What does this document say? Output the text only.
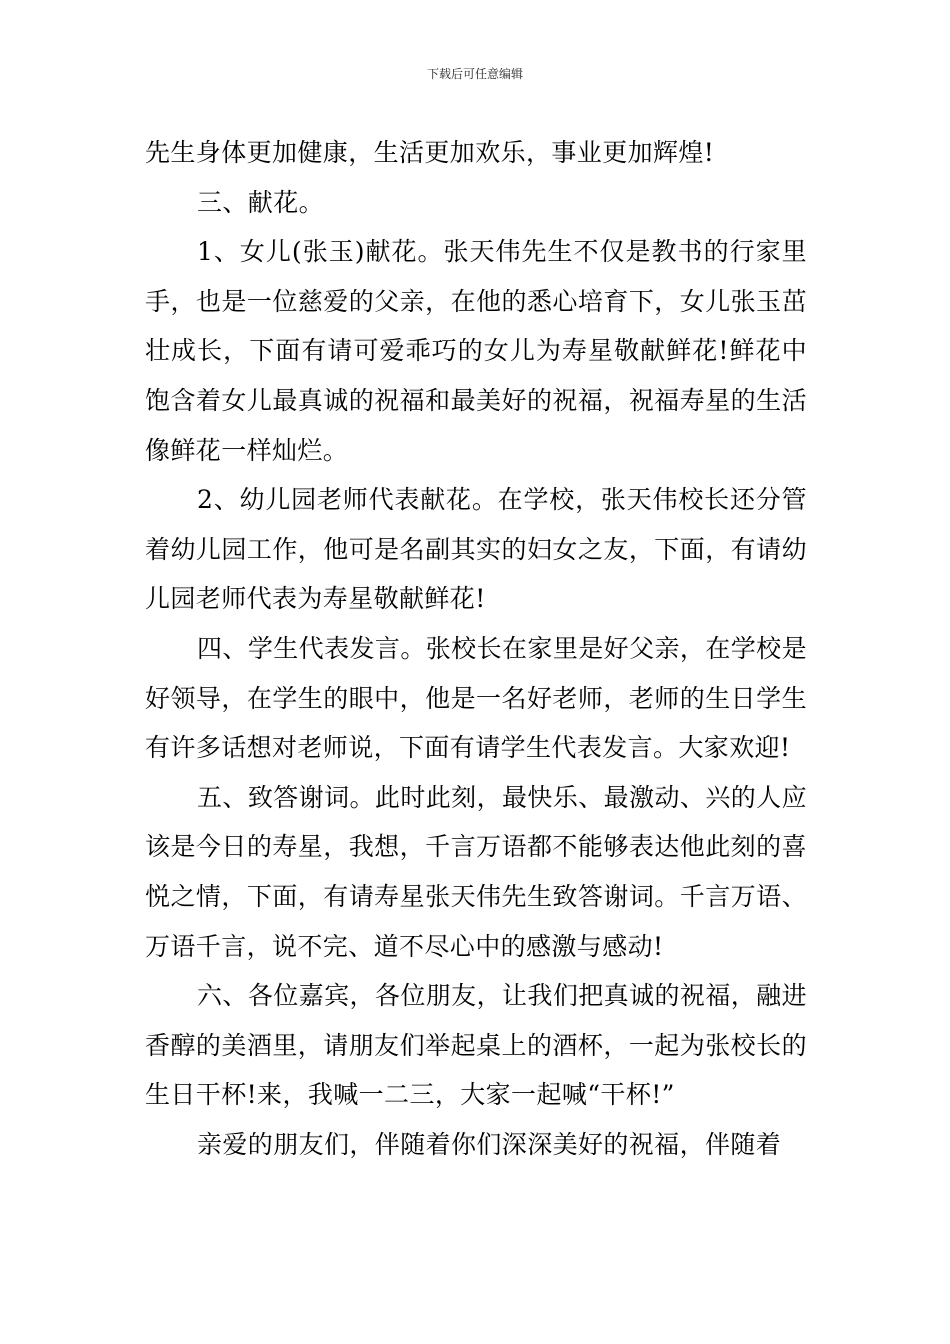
下载后可任意编辑

先生身体更加健康，生活更加欢乐，事业更加辉煌!

三、献花。

1、女儿(张玉)献花。张天伟先生不仅是教书的行家里手，也是一位慈爱的父亲，在他的悉心培育下，女儿张玉茁壮成长，下面有请可爱乖巧的女儿为寿星敬献鲜花!鲜花中饱含着女儿最真诚的祝福和最美好的祝福，祝福寿星的生活像鲜花一样灿烂。

2、幼儿园老师代表献花。在学校，张天伟校长还分管着幼儿园工作，他可是名副其实的妇女之友，下面，有请幼儿园老师代表为寿星敬献鲜花!

四、学生代表发言。张校长在家里是好父亲，在学校是好领导，在学生的眼中，他是一名好老师，老师的生日学生有许多话想对老师说，下面有请学生代表发言。大家欢迎!

五、致答谢词。此时此刻，最快乐、最激动、兴的人应该是今日的寿星，我想，千言万语都不能够表达他此刻的喜悦之情，下面，有请寿星张天伟先生致答谢词。千言万语、万语千言，说不完、道不尽心中的感激与感动!

六、各位嘉宾，各位朋友，让我们把真诚的祝福，融进香醇的美酒里，请朋友们举起桌上的酒杯，一起为张校长的生日干杯!来，我喊一二三，大家一起喊“干杯!”

亲爱的朋友们，伴随着你们深深美好的祝福，伴随着
